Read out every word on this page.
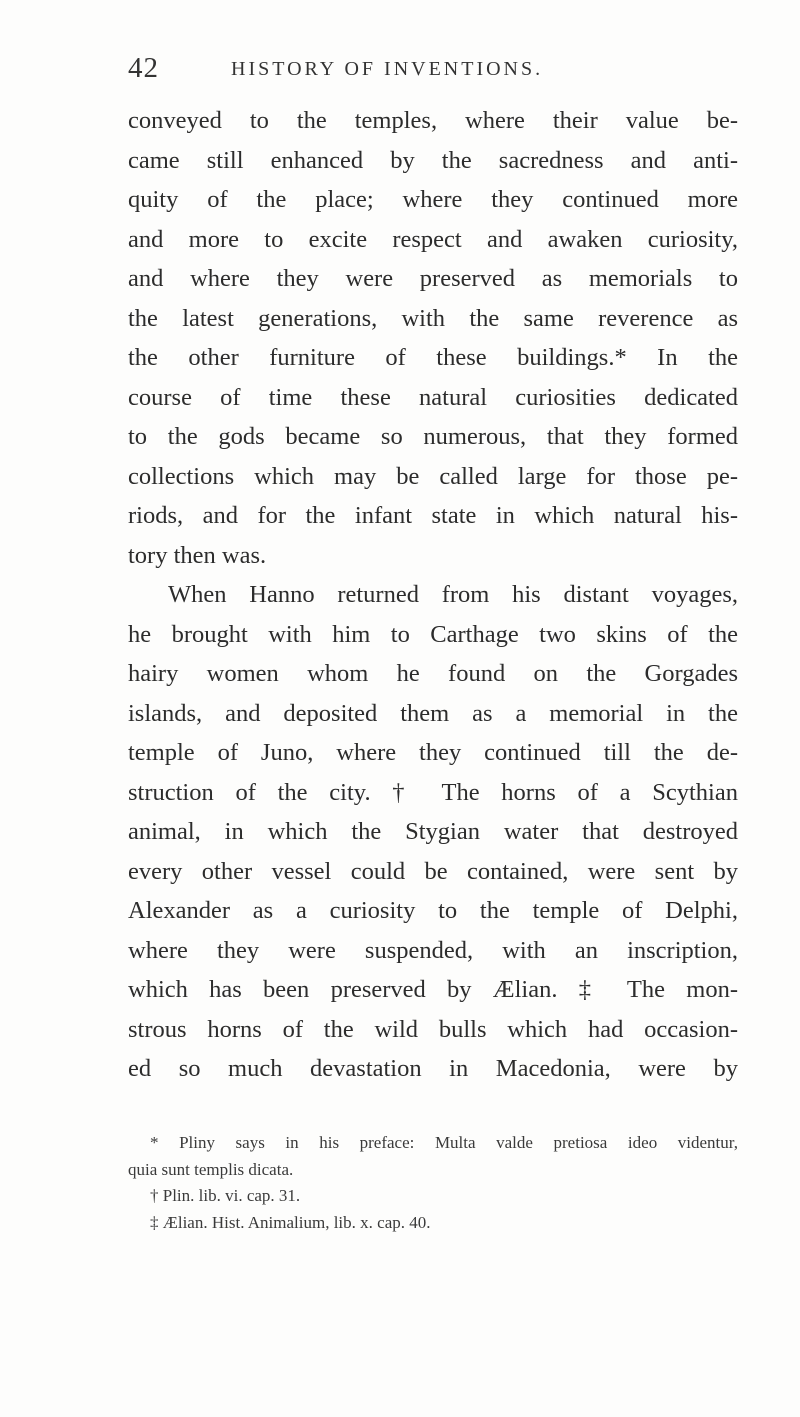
42	HISTORY OF INVENTIONS.
conveyed to the temples, where their value be-
came still enhanced by the sacredness and anti-
quity of the place; where they continued more
and more to excite respect and awaken curiosity,
and where they were preserved as memorials to
the latest generations, with the same reverence as
the other furniture of these buildings.* In the
course of time these natural curiosities dedicated
to the gods became so numerous, that they formed
collections which may be called large for those pe-
riods, and for the infant state in which natural his-
tory then was.
When Hanno returned from his distant voyages,
he brought with him to Carthage two skins of the
hairy women whom he found on the Gorgades
islands, and deposited them as a memorial in the
temple of Juno, where they continued till the de-
struction of the city. † The horns of a Scythian
animal, in which the Stygian water that destroyed
every other vessel could be contained, were sent by
Alexander as a curiosity to the temple of Delphi,
where they were suspended, with an inscription,
which has been preserved by Ælian. ‡ The mon-
strous horns of the wild bulls which had occasion-
ed so much devastation in Macedonia, were by
* Pliny says in his preface: Multa valde pretiosa ideo videntur,
quia sunt templis dicata.
† Plin. lib. vi. cap. 31.
‡ Ælian. Hist. Animalium, lib. x. cap. 40.
